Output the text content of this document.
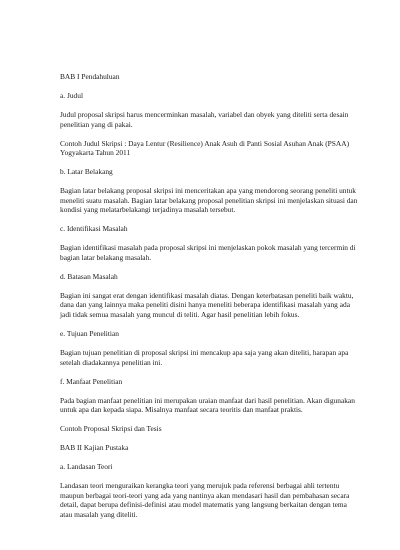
BAB I Pendahuluan

a. Judul

Judul proposal skripsi harus mencerminkan masalah, variabel dan obyek yang diteliti serta desain penelitian yang di pakai.

Contoh Judul Skripsi : Daya Lentur (Resilience) Anak Asuh di Panti Sosial Asuhan Anak (PSAA) Yogyakarta Tahun 2011

b. Latar Belakang

Bagian latar belakang proposal skripsi ini menceritakan apa yang mendorong seorang peneliti untuk meneliti suatu masalah. Bagian latar belakang proposal penelitian skripsi ini menjelaskan situasi dan kondisi yang melatarbelakangi terjadinya masalah tersebut.

c. Identifikasi Masalah

Bagian identifikasi masalah pada proposal skripsi ini menjelaskan pokok masalah yang tercermin di bagian latar belakang masalah.

d. Batasan Masalah

Bagian ini sangat erat dengan identifikasi masalah diatas. Dengan keterbatasan peneliti baik waktu, dana dan yang lainnya maka peneliti disini hanya meneliti beberapa identifikasi masalah yang ada jadi tidak semua masalah yang muncul di teliti. Agar hasil penelitian lebih fokus.

e. Tujuan Penelitian

Bagian tujuan penelitian di proposal skripsi ini mencakup apa saja yang akan diteliti, harapan apa setelah diadakannya penelitian ini.

f. Manfaat Penelitian

Pada bagian manfaat penelitian ini merupakan uraian manfaat dari hasil penelitian. Akan digunakan untuk apa dan kepada siapa. Misalnya manfaat secara teoritis dan manfaat praktis.

Contoh Proposal Skripsi dan Tesis

BAB II Kajian Pustaka

a. Landasan Teori

Landasan teori menguraikan kerangka teori yang merujuk pada referensi berbagai ahli tertentu maupun berbagai teori-teori yang ada yang nantinya akan mendasari hasil dan pembahasan secara detail, dapat berupa definisi-definisi atau model matematis yang langsung berkaitan dengan tema atau masalah yang diteliti.
